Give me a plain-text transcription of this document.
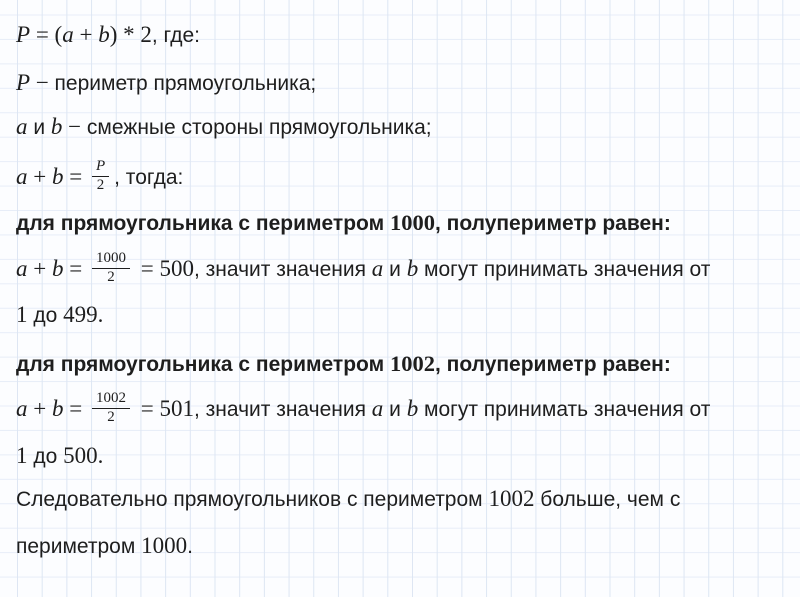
P = (a + b) * 2, где:
P − периметр прямоугольника;
a и b − смежные стороны прямоугольника;
$a + b = \frac{P}{2}$ , тогда:
для прямоугольника с периметром 1000, полупериметр равен:
$a + b = \frac{1000}{2} = 500$, значит значения a и b могут принимать значения от
1 до 499.
для прямоугольника с периметром 1002, полупериметр равен:
$a + b = \frac{1002}{2} = 501$, значит значения a и b могут принимать значения от
1 до 500.
Следовательно прямоугольников с периметром 1002 больше, чем с
периметром 1000.
